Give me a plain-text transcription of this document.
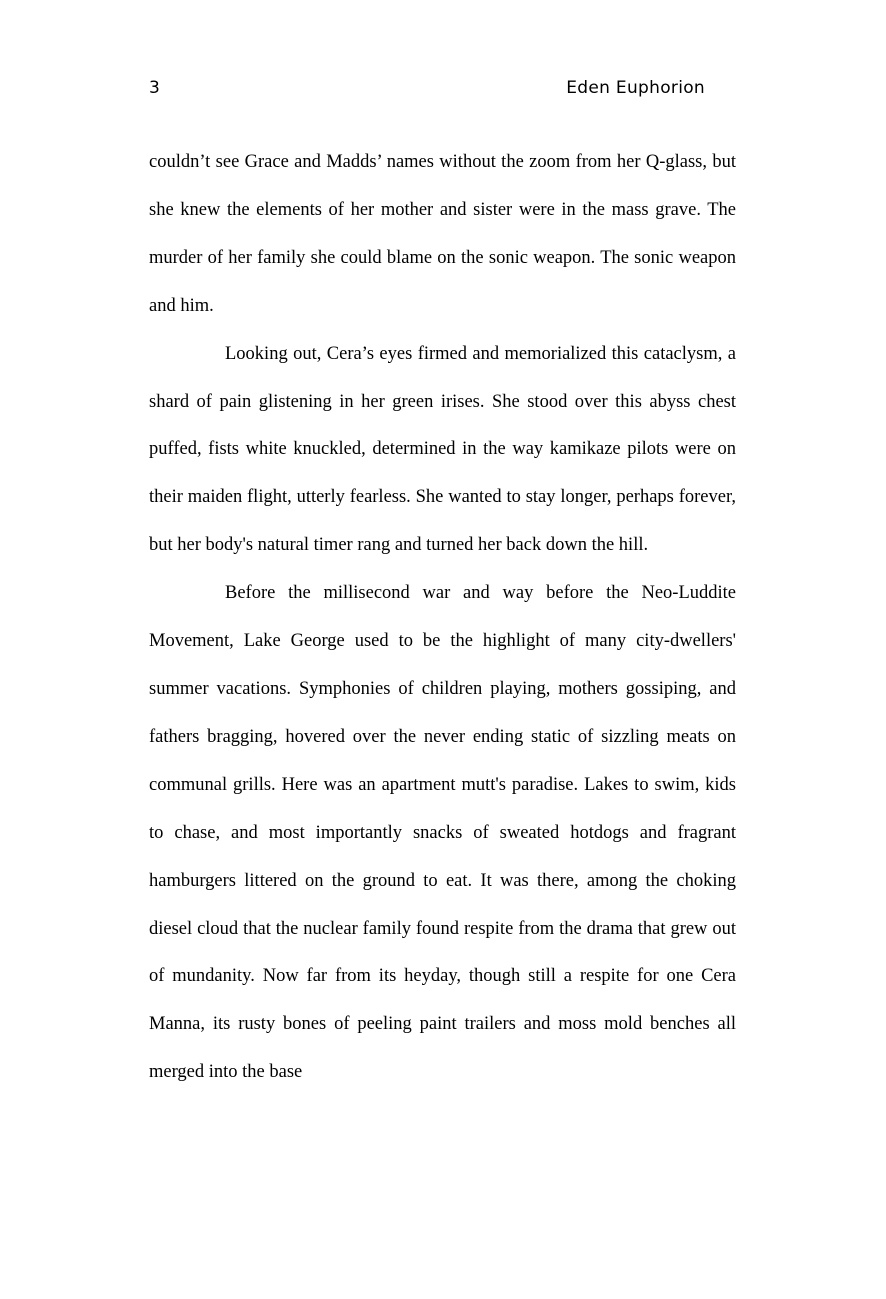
3	Eden Euphorion

couldn’t see Grace and Madds’ names without the zoom from her Q-glass, but she knew the elements of her mother and sister were in the mass grave. The murder of her family she could blame on the sonic weapon. The sonic weapon and him.

Looking out, Cera’s eyes firmed and memorialized this cataclysm, a shard of pain glistening in her green irises. She stood over this abyss chest puffed, fists white knuckled, determined in the way kamikaze pilots were on their maiden flight, utterly fearless. She wanted to stay longer, perhaps forever, but her body's natural timer rang and turned her back down the hill.

Before the millisecond war and way before the Neo-Luddite Movement, Lake George used to be the highlight of many city-dwellers' summer vacations. Symphonies of children playing, mothers gossiping, and fathers bragging, hovered over the never ending static of sizzling meats on communal grills. Here was an apartment mutt's paradise. Lakes to swim, kids to chase, and most importantly snacks of sweated hotdogs and fragrant hamburgers littered on the ground to eat. It was there, among the choking diesel cloud that the nuclear family found respite from the drama that grew out of mundanity. Now far from its heyday, though still a respite for one Cera Manna, its rusty bones of peeling paint trailers and moss mold benches all merged into the base
